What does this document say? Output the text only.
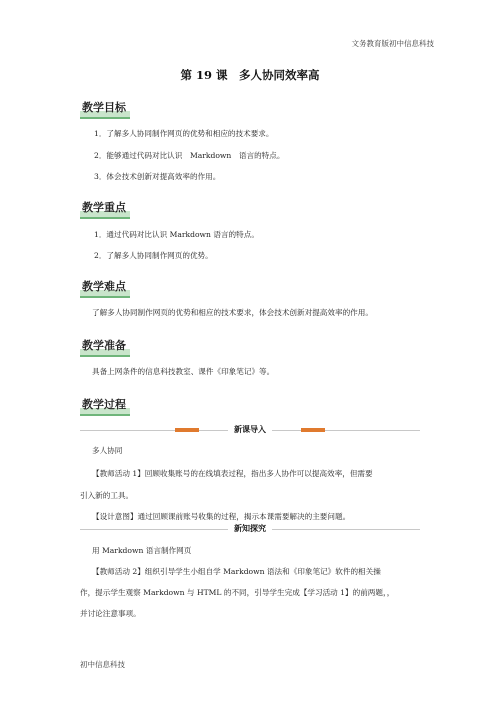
文务教育版初中信息科技
第 19 课　多人协同效率高
教学目标
1．了解多人协同制作网页的优势和相应的技术要求。
2．能够通过代码对比认识　Markdown　语言的特点。
3．体会技术创新对提高效率的作用。
教学重点
1．通过代码对比认识 Markdown 语言的特点。
2．了解多人协同制作网页的优势。
教学难点
了解多人协同制作网页的优势和相应的技术要求，体会技术创新对提高效率的作用。
教学准备
具备上网条件的信息科技教室、课件《印象笔记》等。
教学过程
新课导入
多人协同
【教师活动 1】回顾收集账号的在线填表过程，指出多人协作可以提高效率，但需要
引入新的工具。
【设计意图】通过回顾课前账号收集的过程，揭示本课需要解决的主要问题。
新知探究
用 Markdown 语言制作网页
【教师活动 2】组织引导学生小组自学 Markdown 语法和《印象笔记》软件的相关操
作，提示学生观察 Markdown 与 HTML 的不同，引导学生完成【学习活动 1】的前两题，，
并讨论注意事项。
初中信息科技
